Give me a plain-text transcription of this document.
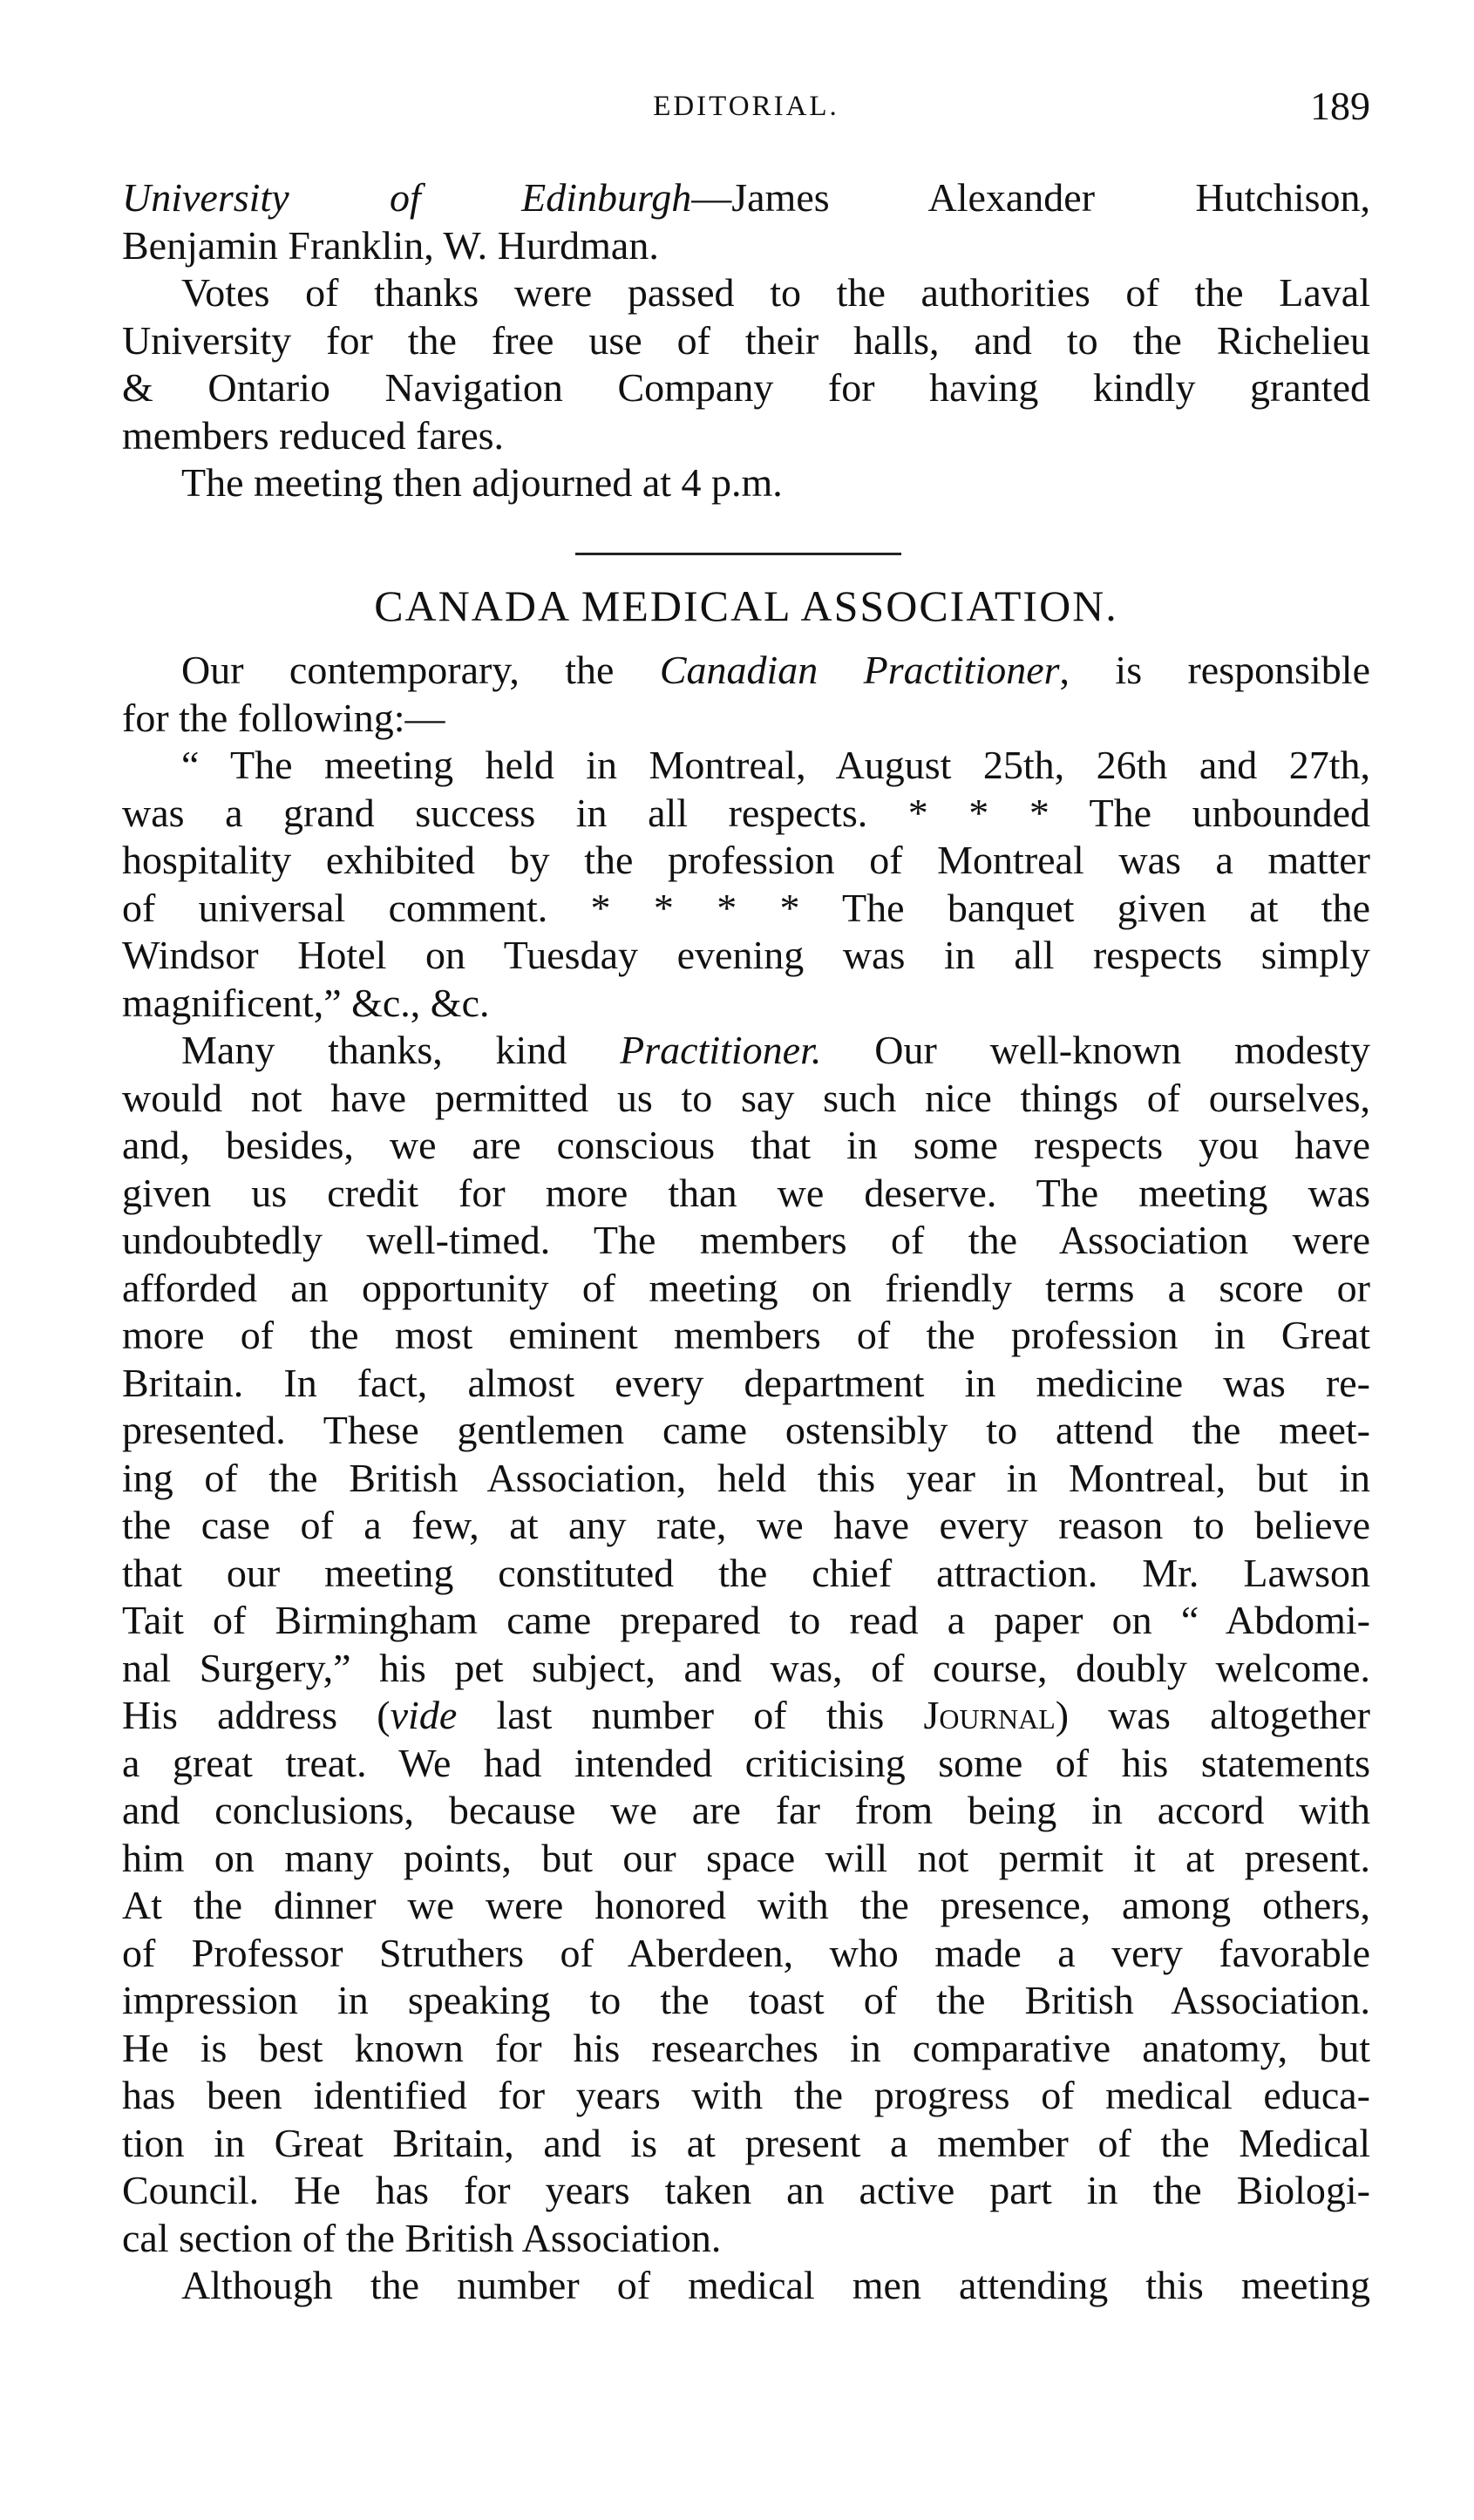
EDITORIAL.	189
University of Edinburgh—James Alexander Hutchison,
Benjamin Franklin, W. Hurdman.
Votes of thanks were passed to the authorities of the Laval
University for the free use of their halls, and to the Richelieu
& Ontario Navigation Company for having kindly granted
members reduced fares.
The meeting then adjourned at 4 p.m.
CANADA MEDICAL ASSOCIATION.
Our contemporary, the Canadian Practitioner, is responsible
for the following:—
“ The meeting held in Montreal, August 25th, 26th and 27th,
was a grand success in all respects. * * * The unbounded
hospitality exhibited by the profession of Montreal was a matter
of universal comment. * * * * The banquet given at the
Windsor Hotel on Tuesday evening was in all respects simply
magnificent,” &c., &c.
Many thanks, kind Practitioner. Our well-known modesty
would not have permitted us to say such nice things of ourselves,
and, besides, we are conscious that in some respects you have
given us credit for more than we deserve. The meeting was
undoubtedly well-timed. The members of the Association were
afforded an opportunity of meeting on friendly terms a score or
more of the most eminent members of the profession in Great
Britain. In fact, almost every department in medicine was re-
presented. These gentlemen came ostensibly to attend the meet-
ing of the British Association, held this year in Montreal, but in
the case of a few, at any rate, we have every reason to believe
that our meeting constituted the chief attraction. Mr. Lawson
Tait of Birmingham came prepared to read a paper on “ Abdomi-
nal Surgery,” his pet subject, and was, of course, doubly welcome.
His address (vide last number of this Journal) was altogether
a great treat. We had intended criticising some of his statements
and conclusions, because we are far from being in accord with
him on many points, but our space will not permit it at present.
At the dinner we were honored with the presence, among others,
of Professor Struthers of Aberdeen, who made a very favorable
impression in speaking to the toast of the British Association.
He is best known for his researches in comparative anatomy, but
has been identified for years with the progress of medical educa-
tion in Great Britain, and is at present a member of the Medical
Council. He has for years taken an active part in the Biologi-
cal section of the British Association.
Although the number of medical men attending this meeting
